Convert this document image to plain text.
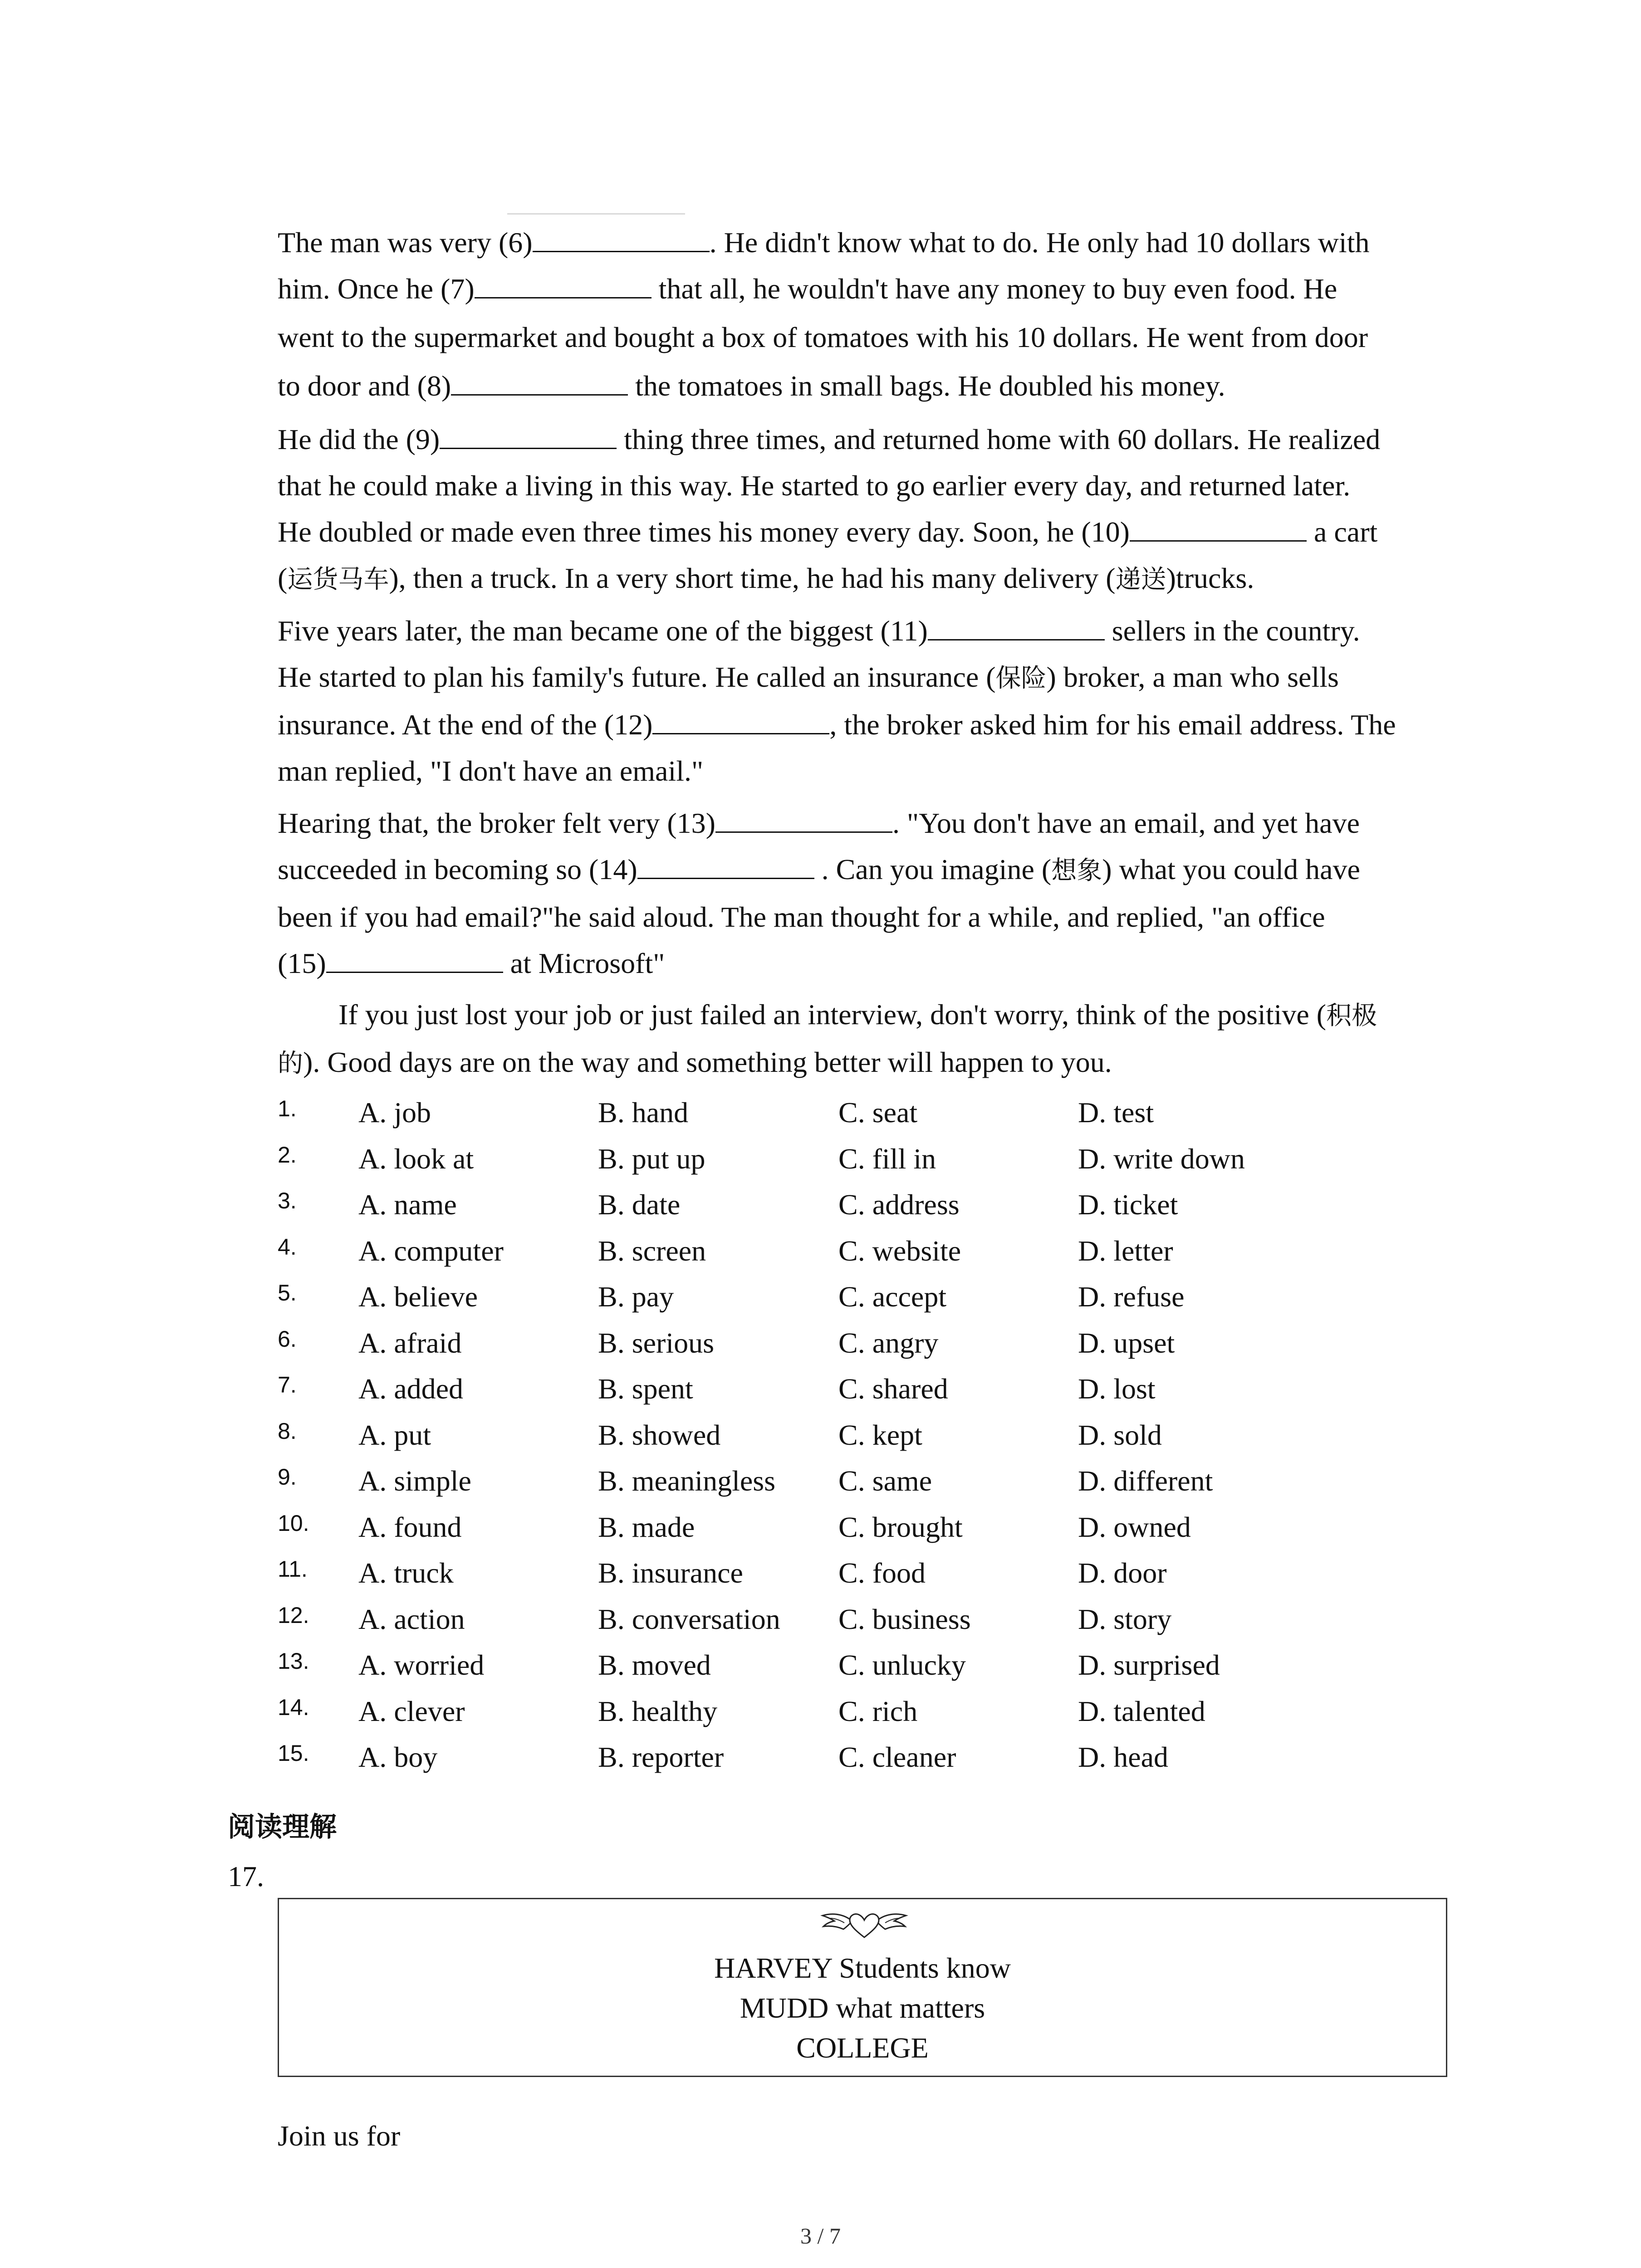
The man was very (6)	. He didn't know what to do. He only had 10 dollars with
him. Once he (7)	that all, he wouldn't have any money to buy even food. He
went to the supermarket and bought a box of tomatoes with his 10 dollars. He went from door
to door and (8)	the tomatoes in small bags. He doubled his money.

He did the (9)	thing three times, and returned home with 60 dollars. He realized
that he could make a living in this way. He started to go earlier every day, and returned later.
He doubled or made even three times his money every day. Soon, he (10)	a cart
(运货马车), then a truck. In a very short time, he had his many delivery (递送)trucks.

Five years later, the man became one of the biggest (11)	sellers in the country.
He started to plan his family's future. He called an insurance (保险) broker, a man who sells
insurance. At the end of the (12)	, the broker asked him for his email address. The
man replied, "I don't have an email."

Hearing that, the broker felt very (13)	. "You don't have an email, and yet have
succeeded in becoming so (14)	. Can you imagine (想象) what you could have
been if you had email?"he said aloud. The man thought for a while, and replied, "an office
(15)	at Microsoft"

If you just lost your job or just failed an interview, don't worry, think of the positive (积极
的). Good days are on the way and something better will happen to you.

1. A. job	B. hand	C. seat	D. test
2. A. look at	B. put up	C. fill in	D. write down
3. A. name	B. date	C. address	D. ticket
4. A. computer	B. screen	C. website	D. letter
5. A. believe	B. pay	C. accept	D. refuse
6. A. afraid	B. serious	C. angry	D. upset
7. A. added	B. spent	C. shared	D. lost
8. A. put	B. showed	C. kept	D. sold
9. A. simple	B. meaningless C. same	D. different
10. A. found	B. made	C. brought	D. owned
11. A. truck	B. insurance	C. food	D. door
12. A. action	B. conversation C. business	D. story
13. A. worried	B. moved	C. unlucky	D. surprised
14. A. clever	B. healthy	C. rich	D. talented
15. A. boy	B. reporter	C. cleaner	D. head
阅读理解
17.
HARVEY Students know
MUDD what matters
COLLEGE
Join us for
3 / 7
